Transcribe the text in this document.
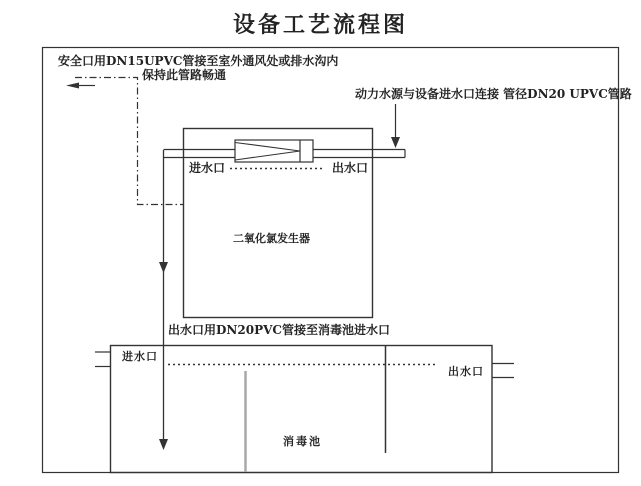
设备工艺流程图
安全口用DN15UPVC管接至室外通风处或排水沟内
保持此管路畅通
动力水源与设备进水口连接 管径DN20 UPVC管路
进水口	出水口
二氧化氯发生器
出水口用DN20PVC管接至消毒池进水口
进水口
出水口
消毒池
